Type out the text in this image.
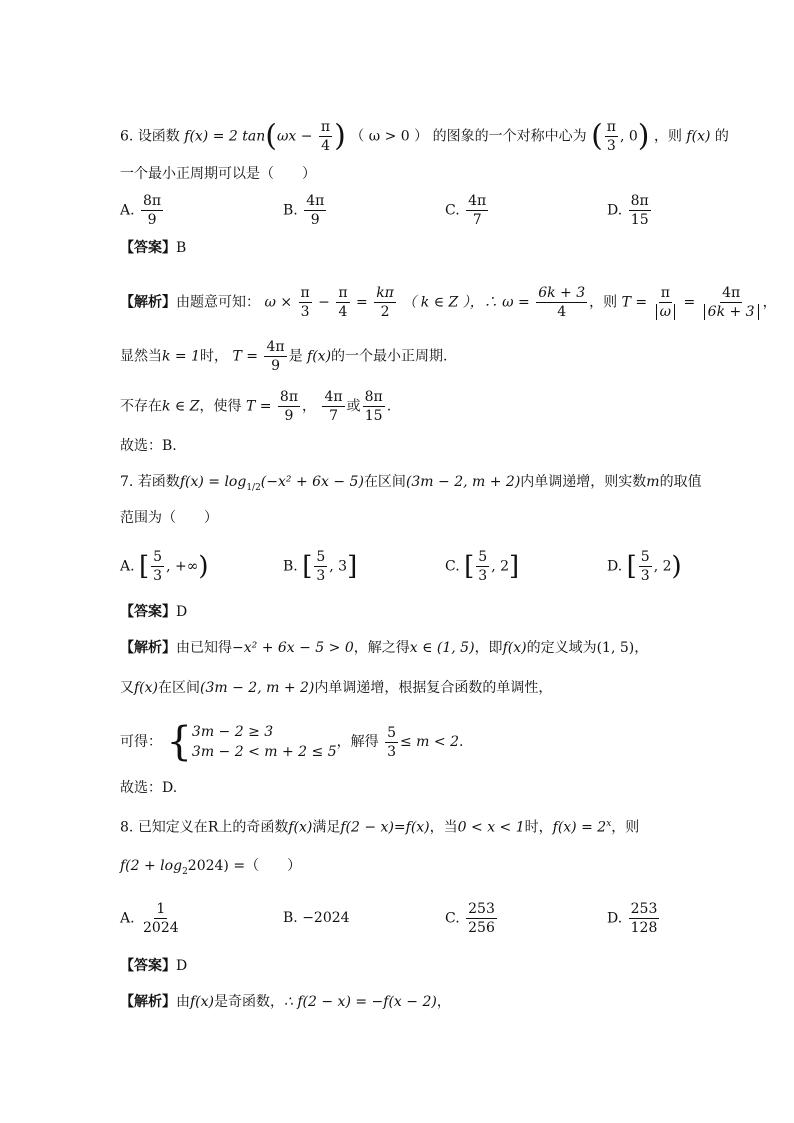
6. 设函数 f(x) = 2 $\tan(\omega x - \frac{\pi}{4}$ ) （ ω > 0 ） 的图象的一个对称中心为 ( $\frac{\pi}{3}$ , 0) ，则 f(x) 的
一个最小正周期可以是（　　）
A. $\frac{8\pi}{9}$	B. $\frac{4\pi}{9}$	C. $\frac{4\pi}{7}$	D. $\frac{8\pi}{15}$
【答案】B
【解析】由题意可知： $\omega \times \frac{\pi}{3} - \frac{\pi}{4} = \frac{k\pi}{2}$ （ k ∈ Z ），∴ $\omega = \frac{6k + 3}{4}$ ，则 $T = \frac{\pi}{\omega} = \frac{4\pi}{6k + 3}$ ，
显然当k = 1时， $T = \frac{4\pi}{9}$ 是 f(x)的一个最小正周期.
不存在k ∈ Z，使得 $T = \frac{8\pi}{9}$ ， $\frac{4\pi}{7}$ 或 $\frac{8\pi}{15}$ .
故选：B.
7. 若函数$f(x) = \log_{1/2}(-x^2 + 6x - 5)$在区间(3m − 2, m + 2)内单调递增，则实数m的取值
范围为（　　）
A. [ $\frac{5}{3}$ , +∞)	B. [ $\frac{5}{3}$ , 3]	C. [ $\frac{5}{3}$ , 2]	D. [ $\frac{5}{3}$ , 2)
【答案】D
【解析】由已知得−x² + 6x − 5 > 0，解之得x ∈ (1, 5)，即f(x)的定义域为(1, 5)，
又f(x)在区间(3m − 2, m + 2)内单调递增，根据复合函数的单调性，
可得： { 3m − 2 ≥ 3
3m − 2 < m + 2 ≤ 5
，解得 $\frac{5}{3} \le m < 2$.
故选：D.
8. 已知定义在R上的奇函数f(x)满足f(2 − x)=f(x)，当0 < x < 1时，$f(x) = 2^x$，则
$f(2 + \log_22024)$ =（　　）
A. $\frac{1}{2024}$	B. −2024	C. $\frac{253}{256}$	D. $\frac{253}{128}$
【答案】D
【解析】由f(x)是奇函数，∴ f(2 − x) = −f(x − 2)，
